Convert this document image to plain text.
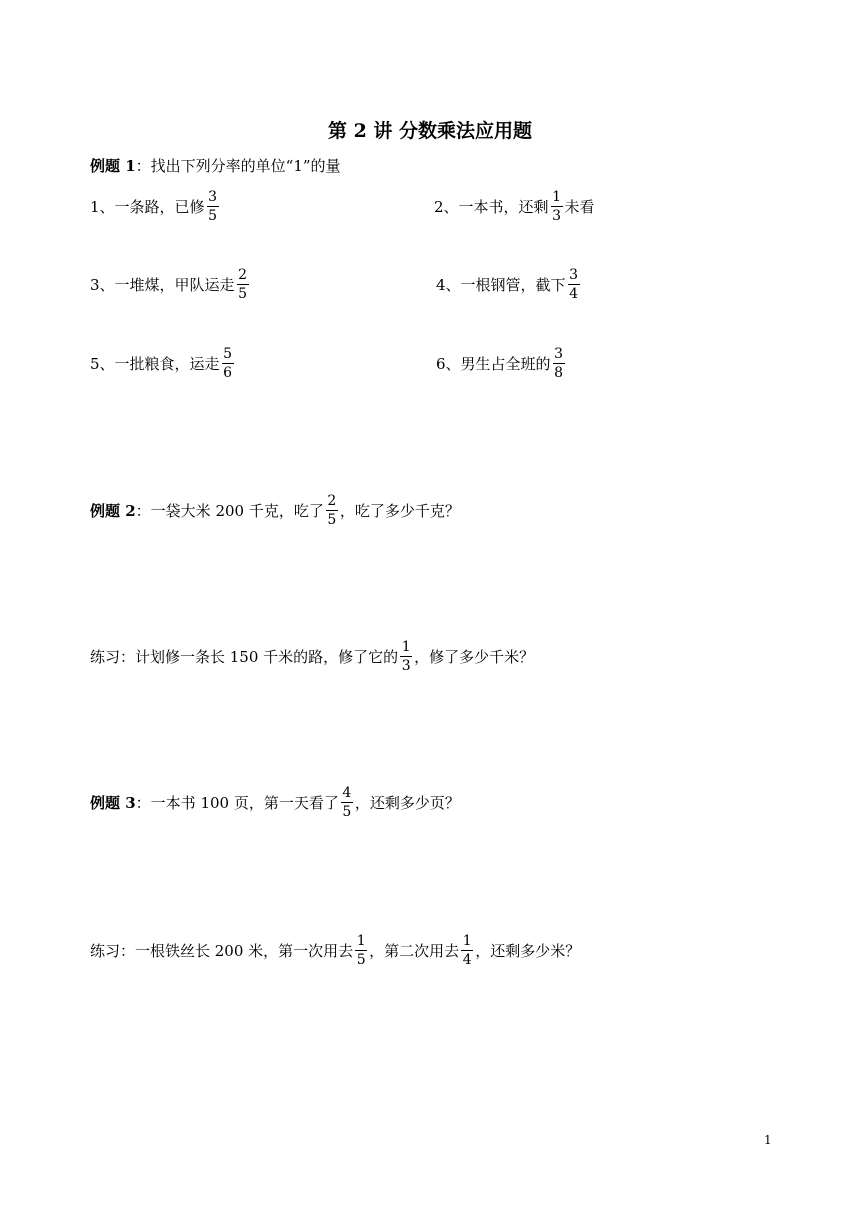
第 2 讲 分数乘法应用题
例题 1：找出下列分率的单位“1”的量
1、一条路，已修 $\frac{3}{5}$	2、一本书，还剩 $\frac{1}{3}$ 未看
3、一堆煤，甲队运走 $\frac{2}{5}$	4、一根钢管，截下 $\frac{3}{4}$
5、一批粮食，运走 $\frac{5}{6}$	6、男生占全班的 $\frac{3}{8}$
例题 2 ：一袋大米 200 千克，吃了 $\frac{2}{5}$ ，吃了多少千克？
练习：计划修一条长 150 千米的路，修了它的 $\frac{1}{3}$ ，修了多少千米？
例题 3 ：一本书 100 页，第一天看了 $\frac{4}{5}$ ，还剩多少页？
练习：一根铁丝长 200 米，第一次用去 $\frac{1}{5}$ ，第二次用去 $\frac{1}{4}$ ，还剩多少米？
1
